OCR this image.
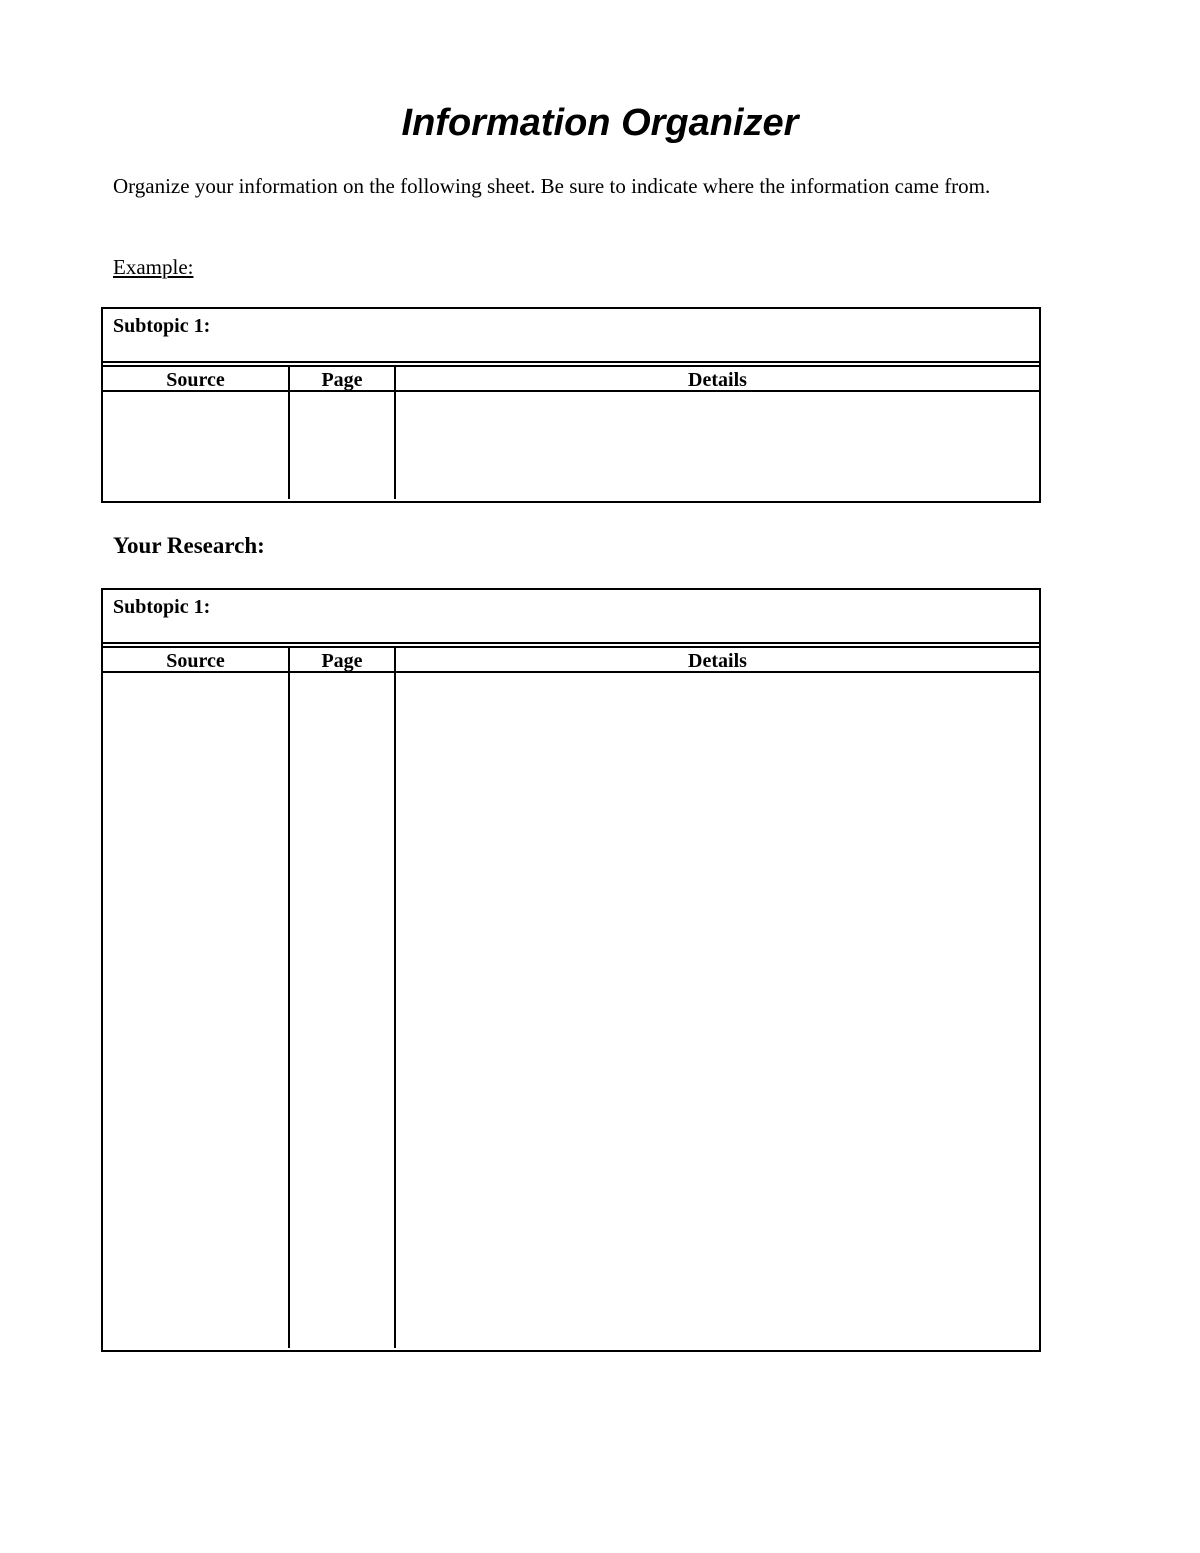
Information Organizer

Organize your information on the following sheet. Be sure to indicate where the information came from.

Example:

Subtopic 1:
Source	Page	Details
Your Research:
Subtopic 1:
Source	Page	Details
